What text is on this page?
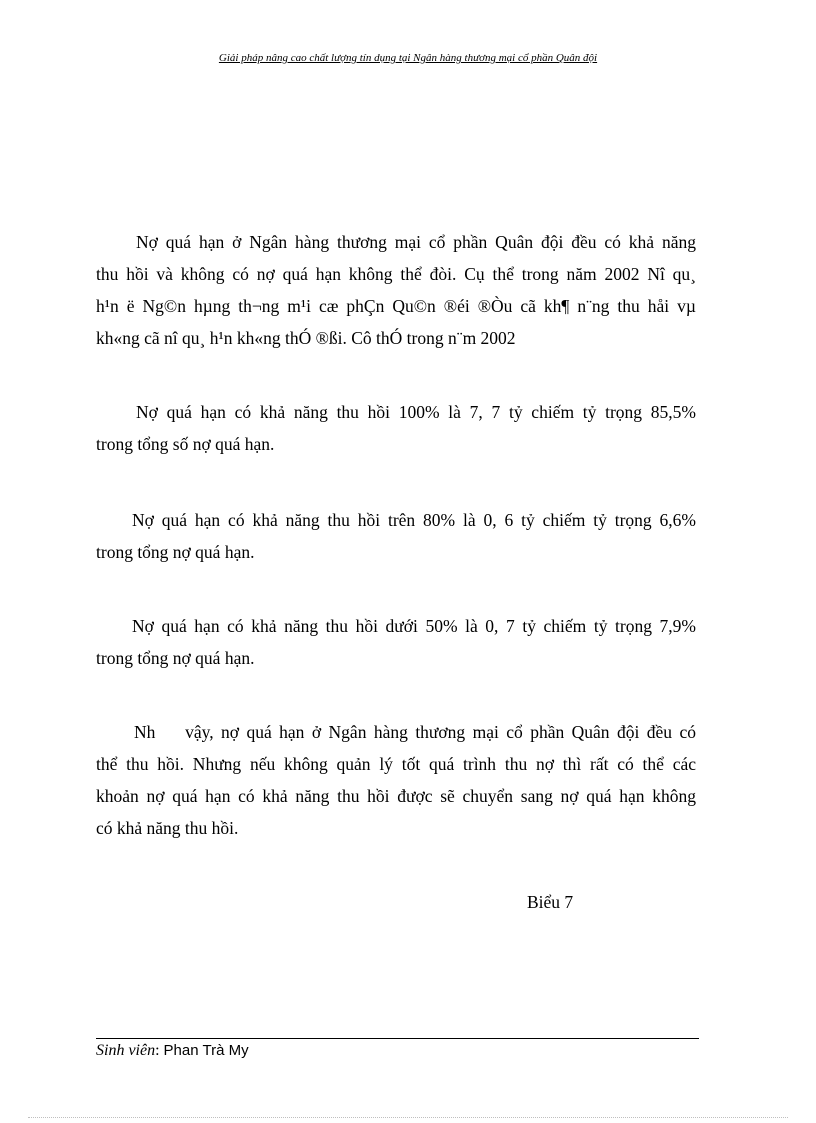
Giải pháp nâng cao chất lượng tín dụng tại Ngân hàng thương mại cổ phần Quân đội
Nợ quá hạn ở Ngân hàng thương mại cổ phần Quân đội đều có khả năng
thu hồi và không có nợ quá hạn không thể đòi. Cụ thể trong năm 2002 Nî qu¸
h¹n ë Ng©n hµng th¬ng m¹i cæ phÇn Qu©n ®éi ®Òu cã kh¶ n¨ng thu håi vµ
kh«ng cã nî qu¸ h¹n kh«ng thÓ ®ßi. Cô thÓ trong n¨m 2002
Nợ quá hạn có khả năng thu hồi 100% là 7, 7 tỷ chiếm tỷ trọng 85,5%
trong tổng số nợ quá hạn.
Nợ quá hạn có khả năng thu hồi trên 80% là 0, 6 tỷ chiếm tỷ trọng 6,6%
trong tổng nợ quá hạn.
Nợ quá hạn có khả năng thu hồi dưới 50% là 0, 7 tỷ chiếm tỷ trọng 7,9%
trong tổng nợ quá hạn.
Nh    vậy, nợ quá hạn ở Ngân hàng thương mại cổ phần Quân đội đều có
thể thu hồi. Nhưng nếu không quản lý tốt quá trình thu nợ thì rất có thể các
khoản nợ quá hạn có khả năng thu hồi được sẽ chuyển sang nợ quá hạn không
có khả năng thu hồi.
Biểu 7
Sinh viên: Phan Trà My
